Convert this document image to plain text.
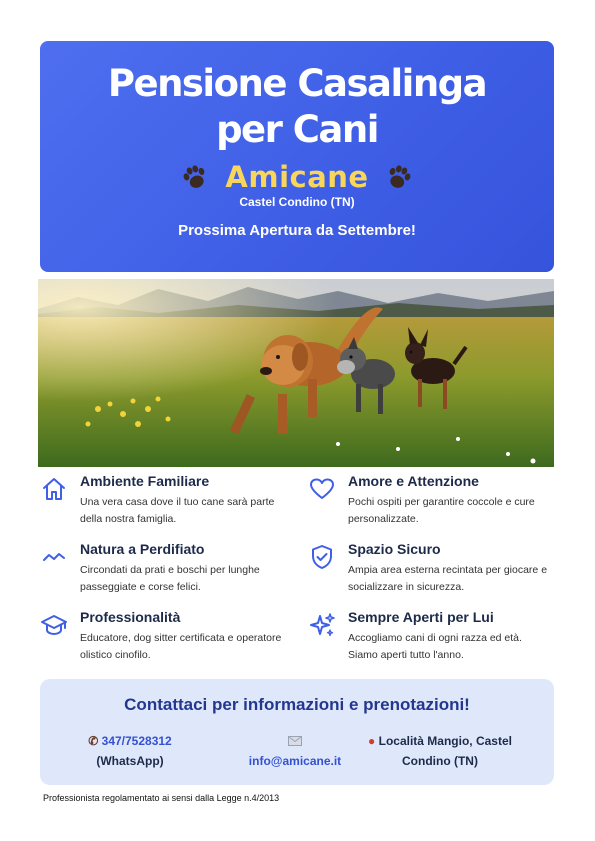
Pensione Casalinga
per Cani
Amicane
Castel Condino (TN)
Prossima Apertura da Settembre!
Ambiente Familiare
Una vera casa dove il tuo cane sarà parte della nostra famiglia.
Amore e Attenzione
Pochi ospiti per garantire coccole e cure personalizzate.
Natura a Perdifiato
Circondati da prati e boschi per lunghe passeggiate e corse felici.
Spazio Sicuro
Ampia area esterna recintata per giocare e socializzare in sicurezza.
Professionalità
Educatore, dog sitter certificata e operatore olistico cinofilo.
Sempre Aperti per Lui
Accogliamo cani di ogni razza ed età. Siamo aperti tutto l'anno.
Contattaci per informazioni e prenotazioni!
✆ 347/7528312
(WhatsApp)	info@amicane.it
● Località Mangio, Castel
Condino (TN)
Professionista regolamentato ai sensi dalla Legge n.4/2013
